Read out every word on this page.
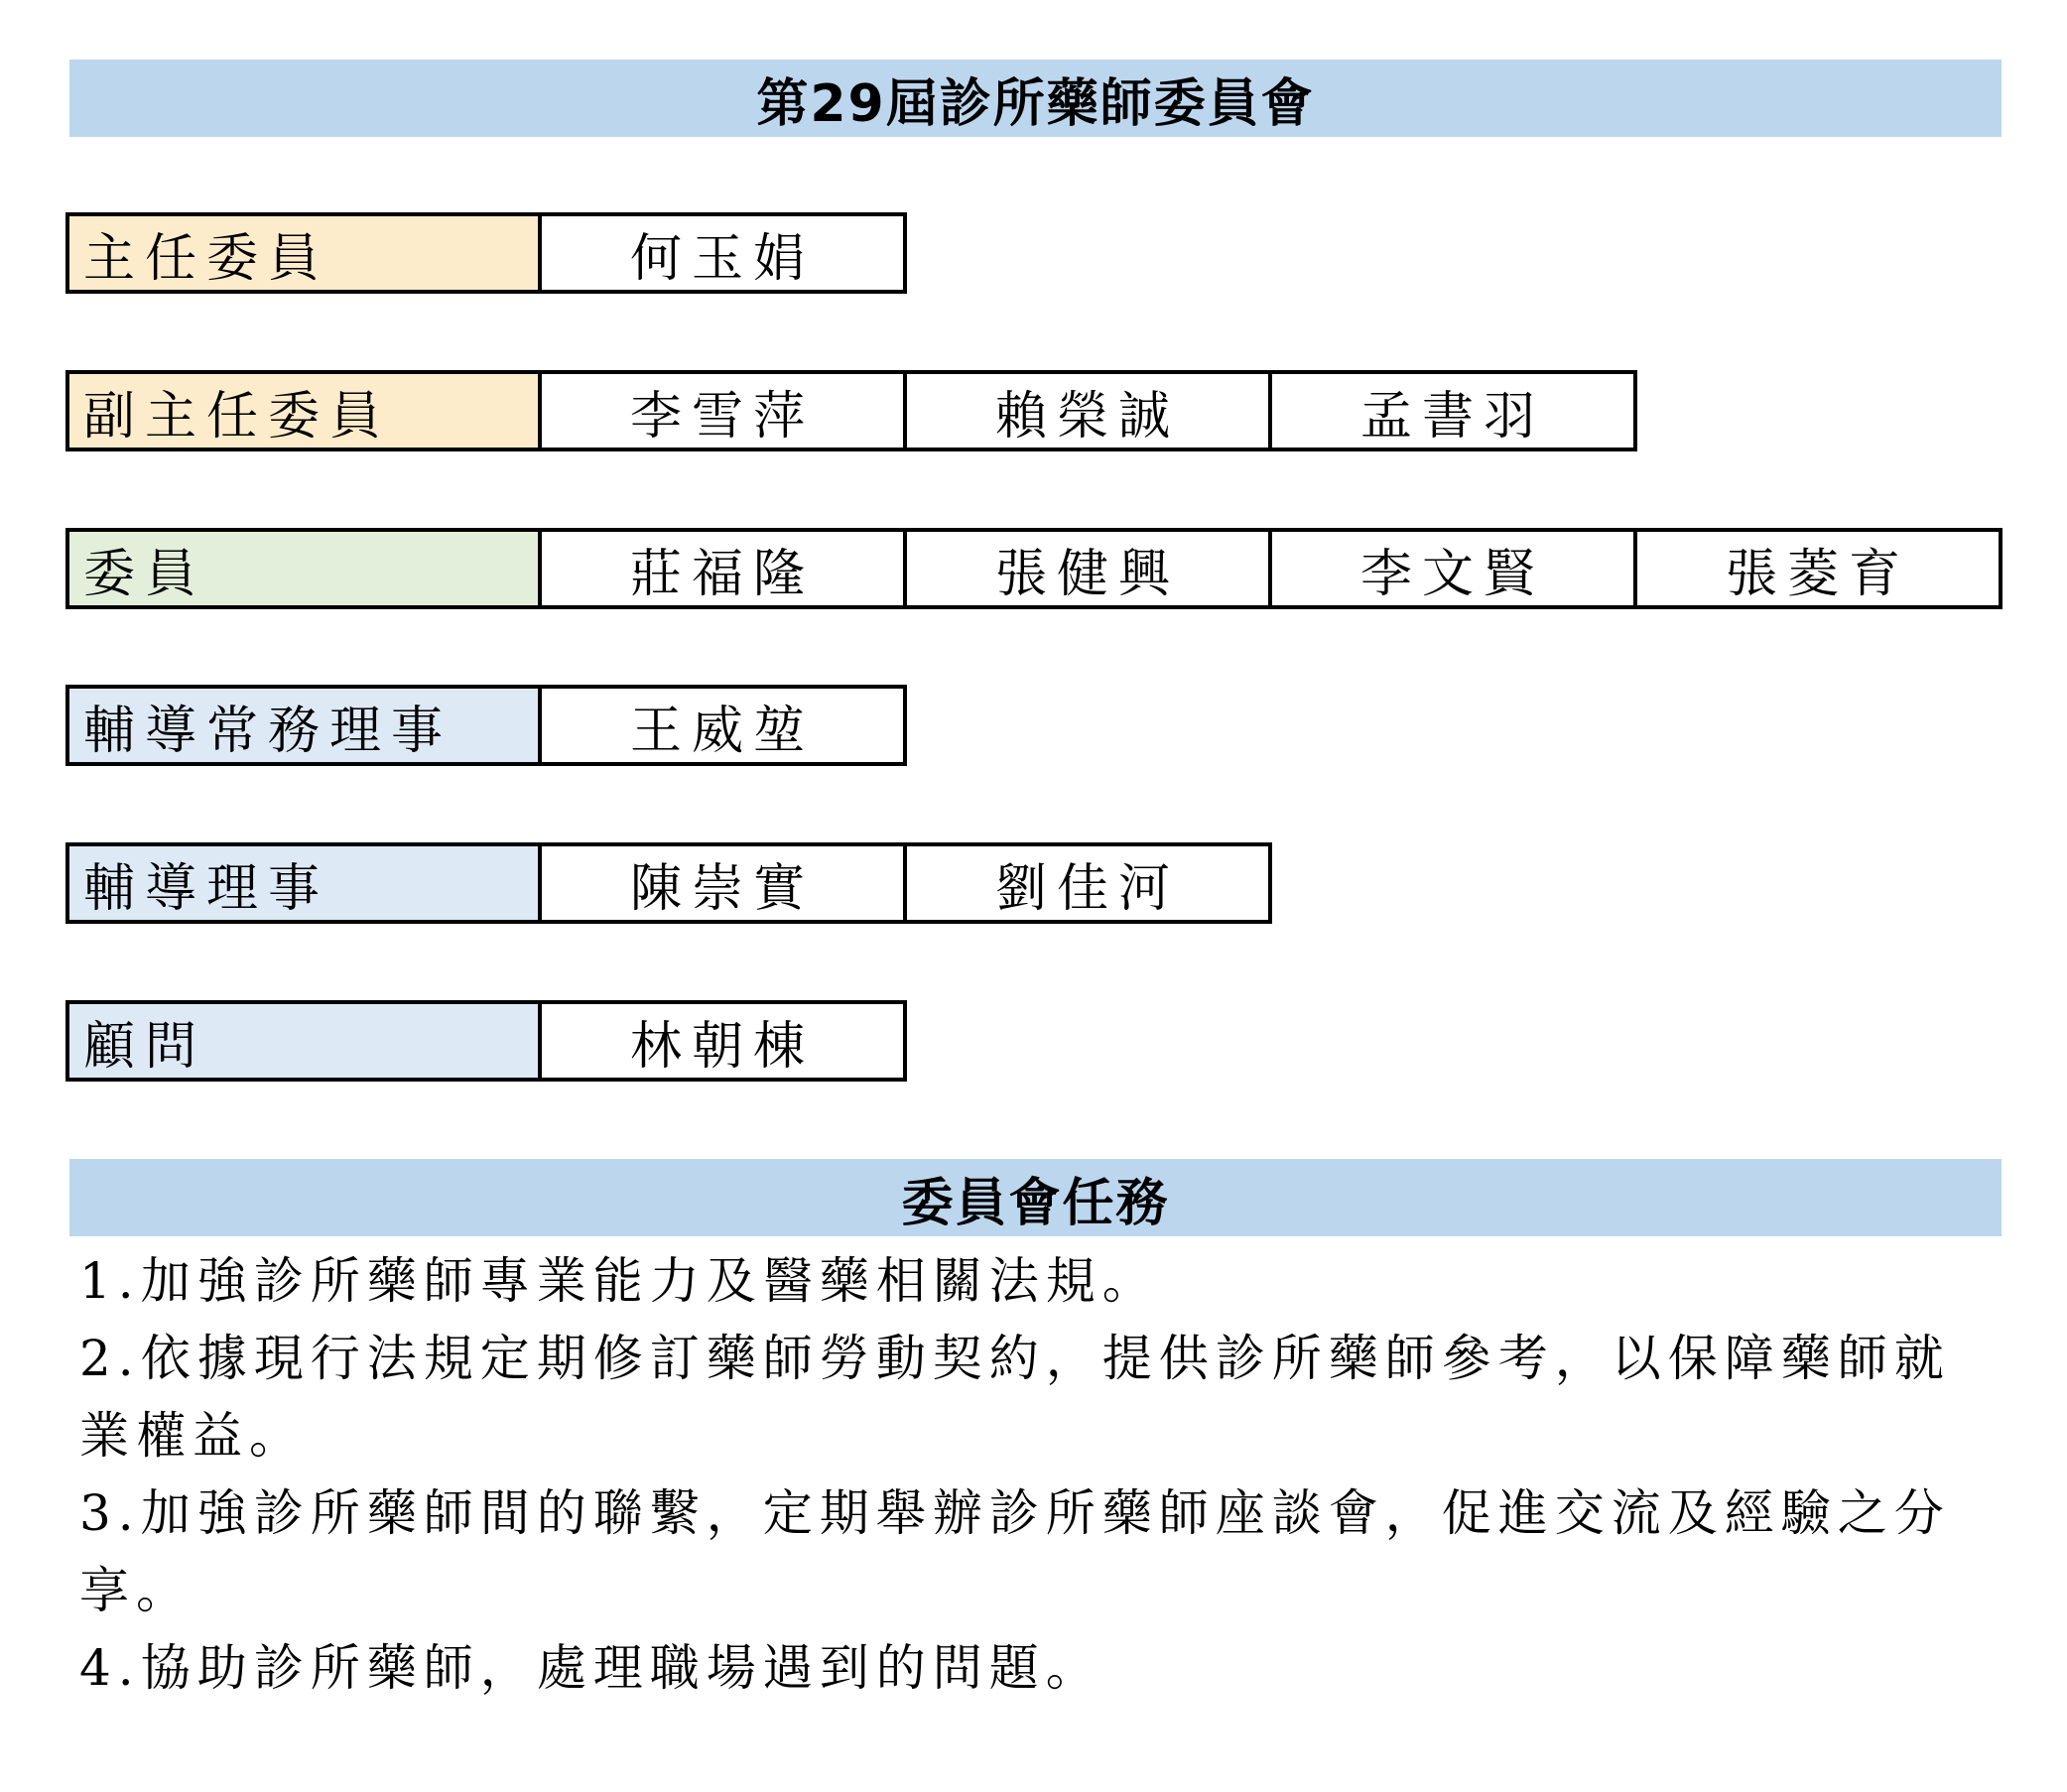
第29屆診所藥師委員會
主任委員	何玉娟
副主任委員	李雪萍	賴榮誠	孟書羽
委員	莊福隆	張健興	李文賢	張菱育
輔導常務理事	王威堃
輔導理事	陳崇實	劉佳河
顧問	林朝棟
委員會任務
1.加強診所藥師專業能力及醫藥相關法規。
2.依據現行法規定期修訂藥師勞動契約，提供診所藥師參考，以保障藥師就業權益。
3.加強診所藥師間的聯繫，定期舉辦診所藥師座談會，促進交流及經驗之分享。
4.協助診所藥師，處理職場遇到的問題。
